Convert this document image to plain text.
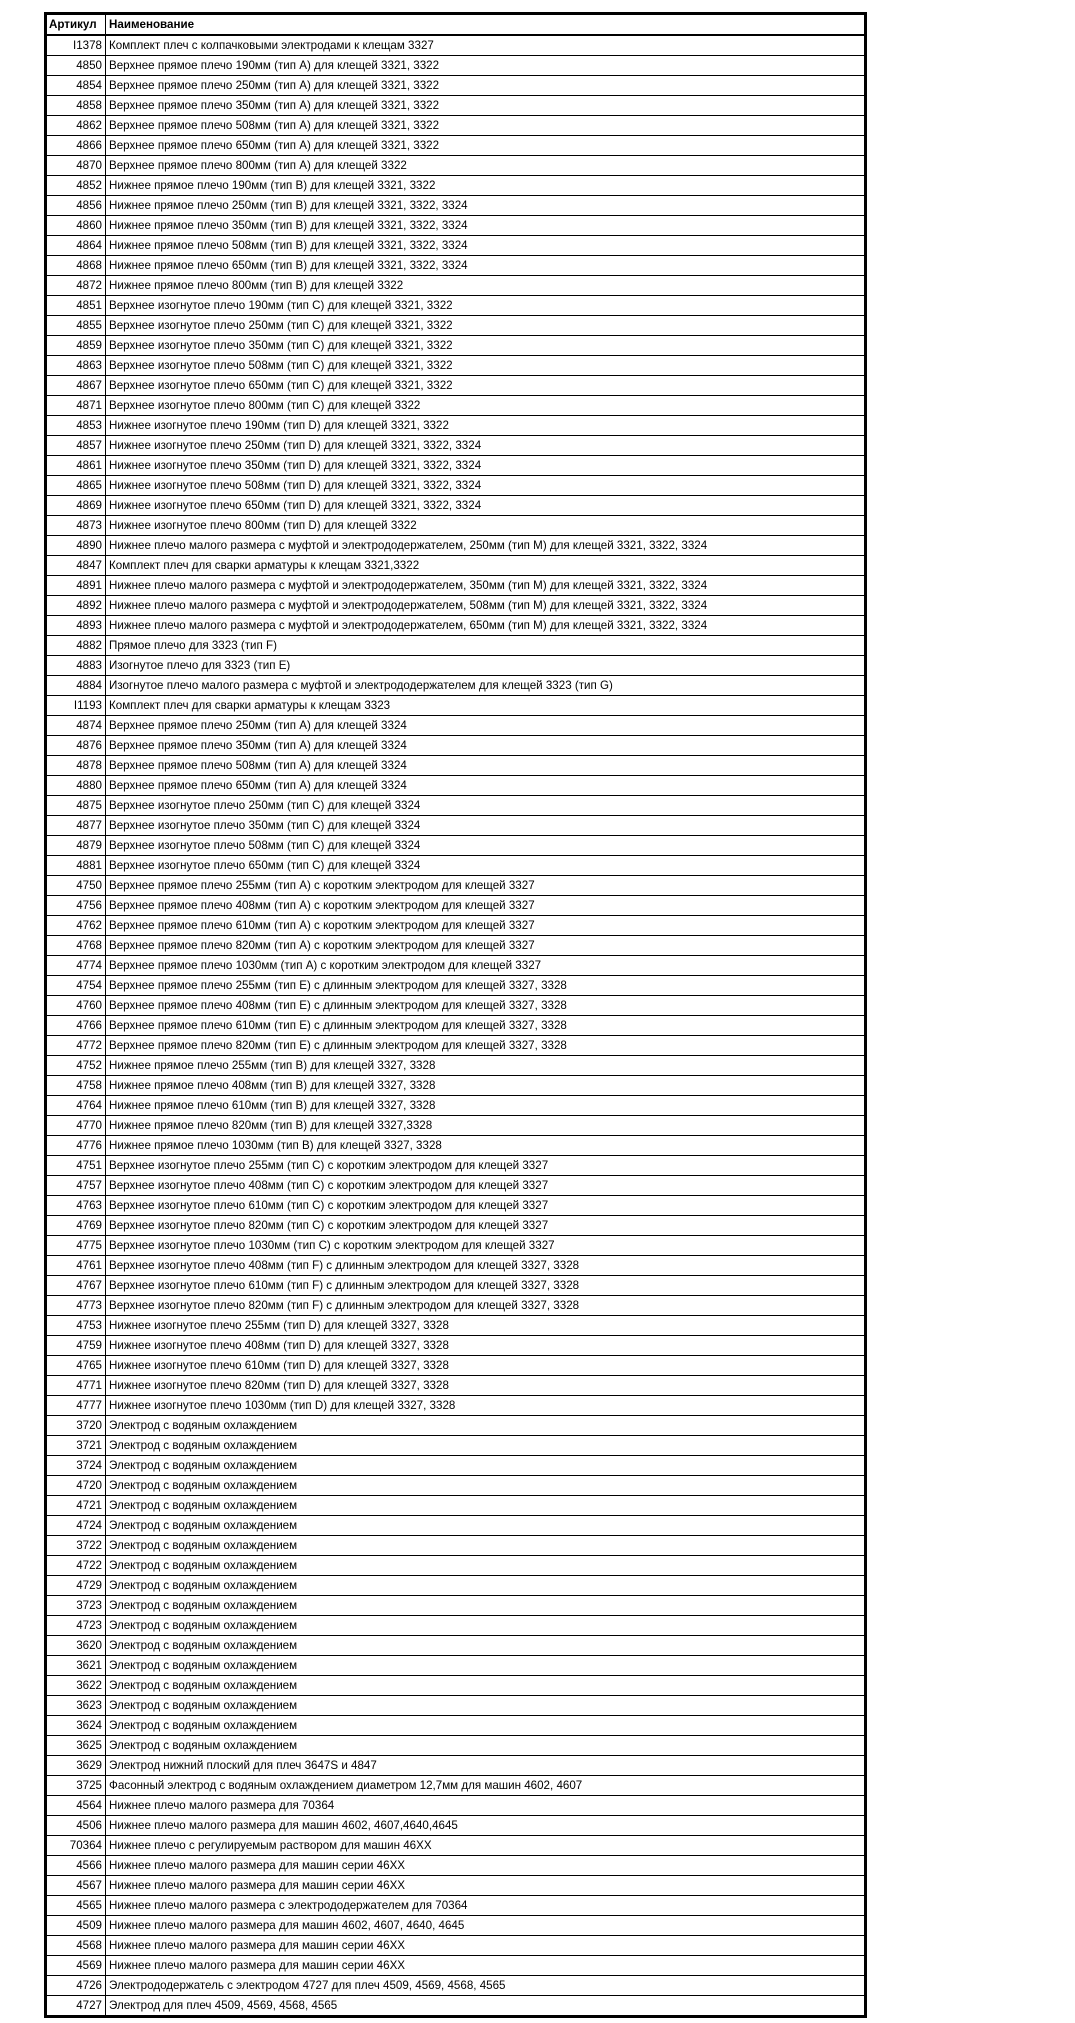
Артикул	Наименование
I1378	Комплект плеч с колпачковыми электродами к клещам 3327
4850	Верхнее прямое плечо 190мм (тип А) для клещей 3321, 3322
4854	Верхнее прямое плечо 250мм (тип А) для клещей 3321, 3322
4858	Верхнее прямое плечо 350мм (тип А) для клещей 3321, 3322
4862	Верхнее прямое плечо 508мм (тип А) для клещей 3321, 3322
4866	Верхнее прямое плечо 650мм (тип А) для клещей 3321, 3322
4870	Верхнее прямое плечо 800мм (тип А) для клещей 3322
4852	Нижнее прямое плечо 190мм (тип В) для клещей 3321, 3322
4856	Нижнее прямое плечо 250мм (тип В) для клещей 3321, 3322, 3324
4860	Нижнее прямое плечо 350мм (тип В) для клещей 3321, 3322, 3324
4864	Нижнее прямое плечо 508мм (тип В) для клещей 3321, 3322, 3324
4868	Нижнее прямое плечо 650мм (тип В) для клещей 3321, 3322, 3324
4872	Нижнее прямое плечо 800мм (тип В) для клещей 3322
4851	Верхнее изогнутое плечо 190мм (тип С) для клещей 3321, 3322
4855	Верхнее изогнутое плечо 250мм (тип С) для клещей 3321, 3322
4859	Верхнее изогнутое плечо 350мм (тип С) для клещей 3321, 3322
4863	Верхнее изогнутое плечо 508мм (тип С) для клещей 3321, 3322
4867	Верхнее изогнутое плечо 650мм (тип С) для клещей 3321, 3322
4871	Верхнее изогнутое плечо 800мм (тип С) для клещей 3322
4853	Нижнее изогнутое плечо 190мм (тип D) для клещей 3321, 3322
4857	Нижнее изогнутое плечо 250мм (тип D) для клещей 3321, 3322, 3324
4861	Нижнее изогнутое плечо 350мм (тип D) для клещей 3321, 3322, 3324
4865	Нижнее изогнутое плечо 508мм (тип D) для клещей 3321, 3322, 3324
4869	Нижнее изогнутое плечо 650мм (тип D) для клещей 3321, 3322, 3324
4873	Нижнее изогнутое плечо 800мм (тип D) для клещей 3322
4890	Нижнее плечо малого размера с муфтой и электрододержателем, 250мм (тип М) для клещей 3321, 3322, 3324
4847	Комплект плеч для сварки арматуры к клещам 3321,3322
4891	Нижнее плечо малого размера с муфтой и электрододержателем, 350мм (тип М) для клещей 3321, 3322, 3324
4892	Нижнее плечо малого размера с муфтой и электрододержателем, 508мм (тип М) для клещей 3321, 3322, 3324
4893	Нижнее плечо малого размера с муфтой и электрододержателем, 650мм (тип М) для клещей 3321, 3322, 3324
4882	Прямое плечо для 3323 (тип F)
4883	Изогнутое плечо для 3323 (тип Е)
4884	Изогнутое плечо малого размера с муфтой и электрододержателем для клещей 3323 (тип G)
I1193	Комплект плеч для сварки арматуры к клещам 3323
4874	Верхнее прямое плечо 250мм (тип А) для клещей 3324
4876	Верхнее прямое плечо 350мм (тип А) для клещей 3324
4878	Верхнее прямое плечо 508мм (тип А) для клещей 3324
4880	Верхнее прямое плечо 650мм (тип А) для клещей 3324
4875	Верхнее изогнутое плечо 250мм (тип С) для клещей 3324
4877	Верхнее изогнутое плечо 350мм (тип С) для клещей 3324
4879	Верхнее изогнутое плечо 508мм (тип С) для клещей 3324
4881	Верхнее изогнутое плечо 650мм (тип С) для клещей 3324
4750	Верхнее прямое плечо 255мм (тип А) с коротким электродом для клещей 3327
4756	Верхнее прямое плечо 408мм (тип А) с коротким электродом для клещей 3327
4762	Верхнее прямое плечо 610мм (тип А) с коротким электродом для клещей 3327
4768	Верхнее прямое плечо 820мм (тип А) с коротким электродом для клещей 3327
4774	Верхнее прямое плечо 1030мм (тип А) с коротким электродом для клещей 3327
4754	Верхнее прямое плечо 255мм (тип Е) с длинным электродом для клещей 3327, 3328
4760	Верхнее прямое плечо 408мм (тип Е) с длинным электродом для клещей 3327, 3328
4766	Верхнее прямое плечо 610мм (тип Е) с длинным электродом для клещей 3327, 3328
4772	Верхнее прямое плечо 820мм (тип Е) с длинным электродом для клещей 3327, 3328
4752	Нижнее прямое плечо 255мм (тип В) для клещей 3327, 3328
4758	Нижнее прямое плечо 408мм (тип В) для клещей 3327, 3328
4764	Нижнее прямое плечо 610мм (тип В) для клещей 3327, 3328
4770	Нижнее прямое плечо 820мм (тип В) для клещей 3327,3328
4776	Нижнее прямое плечо 1030мм (тип В) для клещей 3327, 3328
4751	Верхнее изогнутое плечо 255мм (тип С) с коротким электродом для клещей 3327
4757	Верхнее изогнутое плечо 408мм (тип С) с коротким электродом для клещей 3327
4763	Верхнее изогнутое плечо 610мм (тип С) с коротким электродом для клещей 3327
4769	Верхнее изогнутое плечо 820мм (тип С) с коротким электродом для клещей 3327
4775	Верхнее изогнутое плечо 1030мм (тип С) с коротким электродом для клещей 3327
4761	Верхнее изогнутое плечо 408мм (тип F) с длинным электродом для клещей 3327, 3328
4767	Верхнее изогнутое плечо 610мм (тип F) с длинным электродом для клещей 3327, 3328
4773	Верхнее изогнутое плечо 820мм (тип F) с длинным электродом для клещей 3327, 3328
4753	Нижнее изогнутое плечо 255мм (тип D) для клещей 3327, 3328
4759	Нижнее изогнутое плечо 408мм (тип D) для клещей 3327, 3328
4765	Нижнее изогнутое плечо 610мм (тип D) для клещей 3327, 3328
4771	Нижнее изогнутое плечо 820мм (тип D) для клещей 3327, 3328
4777	Нижнее изогнутое плечо 1030мм (тип D) для клещей 3327, 3328
3720	Электрод с водяным охлаждением
3721	Электрод с водяным охлаждением
3724	Электрод с водяным охлаждением
4720	Электрод с водяным охлаждением
4721	Электрод с водяным охлаждением
4724	Электрод с водяным охлаждением
3722	Электрод с водяным охлаждением
4722	Электрод с водяным охлаждением
4729	Электрод с водяным охлаждением
3723	Электрод с водяным охлаждением
4723	Электрод с водяным охлаждением
3620	Электрод с водяным охлаждением
3621	Электрод с водяным охлаждением
3622	Электрод с водяным охлаждением
3623	Электрод с водяным охлаждением
3624	Электрод с водяным охлаждением
3625	Электрод с водяным охлаждением
3629	Электрод нижний плоский для плеч 3647S и 4847
3725	Фасонный электрод с водяным охлаждением диаметром 12,7мм для машин 4602, 4607
4564	Нижнее плечо малого размера для 70364
4506	Нижнее плечо малого размера для машин 4602, 4607,4640,4645
70364	Нижнее плечо с регулируемым раствором для машин 46XX
4566	Нижнее плечо малого размера для машин серии 46XX
4567	Нижнее плечо малого размера для машин серии 46XX
4565	Нижнее плечо малого размера с электрододержателем для 70364
4509	Нижнее плечо малого размера для машин 4602, 4607, 4640, 4645
4568	Нижнее плечо малого размера для машин серии 46XX
4569	Нижнее плечо малого размера для машин серии 46XX
4726	Электрододержатель с электродом 4727 для плеч 4509, 4569, 4568, 4565
4727	Электрод для плеч 4509, 4569, 4568, 4565
